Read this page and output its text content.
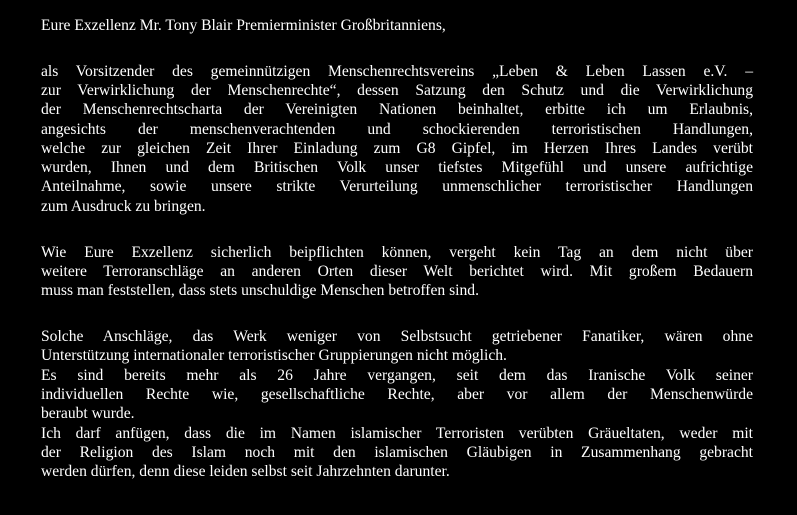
Eure Exzellenz Mr. Tony Blair Premierminister Großbritanniens,
als Vorsitzender des gemeinnützigen Menschenrechtsvereins „Leben & Leben Lassen e.V. –
zur Verwirklichung der Menschenrechte“, dessen Satzung den Schutz und die Verwirklichung
der Menschenrechtscharta der Vereinigten Nationen beinhaltet, erbitte ich um Erlaubnis,
angesichts der menschenverachtenden und schockierenden terroristischen Handlungen,
welche zur gleichen Zeit Ihrer Einladung zum G8 Gipfel, im Herzen Ihres Landes verübt
wurden, Ihnen und dem Britischen Volk unser tiefstes Mitgefühl und unsere aufrichtige
Anteilnahme, sowie unsere strikte Verurteilung unmenschlicher terroristischer Handlungen
zum Ausdruck zu bringen.
Wie Eure Exzellenz sicherlich beipflichten können, vergeht kein Tag an dem nicht über
weitere Terroranschläge an anderen Orten dieser Welt berichtet wird. Mit großem Bedauern
muss man feststellen, dass stets unschuldige Menschen betroffen sind.
Solche Anschläge, das Werk weniger von Selbstsucht getriebener Fanatiker, wären ohne
Unterstützung internationaler terroristischer Gruppierungen nicht möglich.
Es sind bereits mehr als 26 Jahre vergangen, seit dem das Iranische Volk seiner
individuellen Rechte wie, gesellschaftliche Rechte, aber vor allem der Menschenwürde
beraubt wurde.
Ich darf anfügen, dass die im Namen islamischer Terroristen verübten Gräueltaten, weder mit
der Religion des Islam noch mit den islamischen Gläubigen in Zusammenhang gebracht
werden dürfen, denn diese leiden selbst seit Jahrzehnten darunter.
